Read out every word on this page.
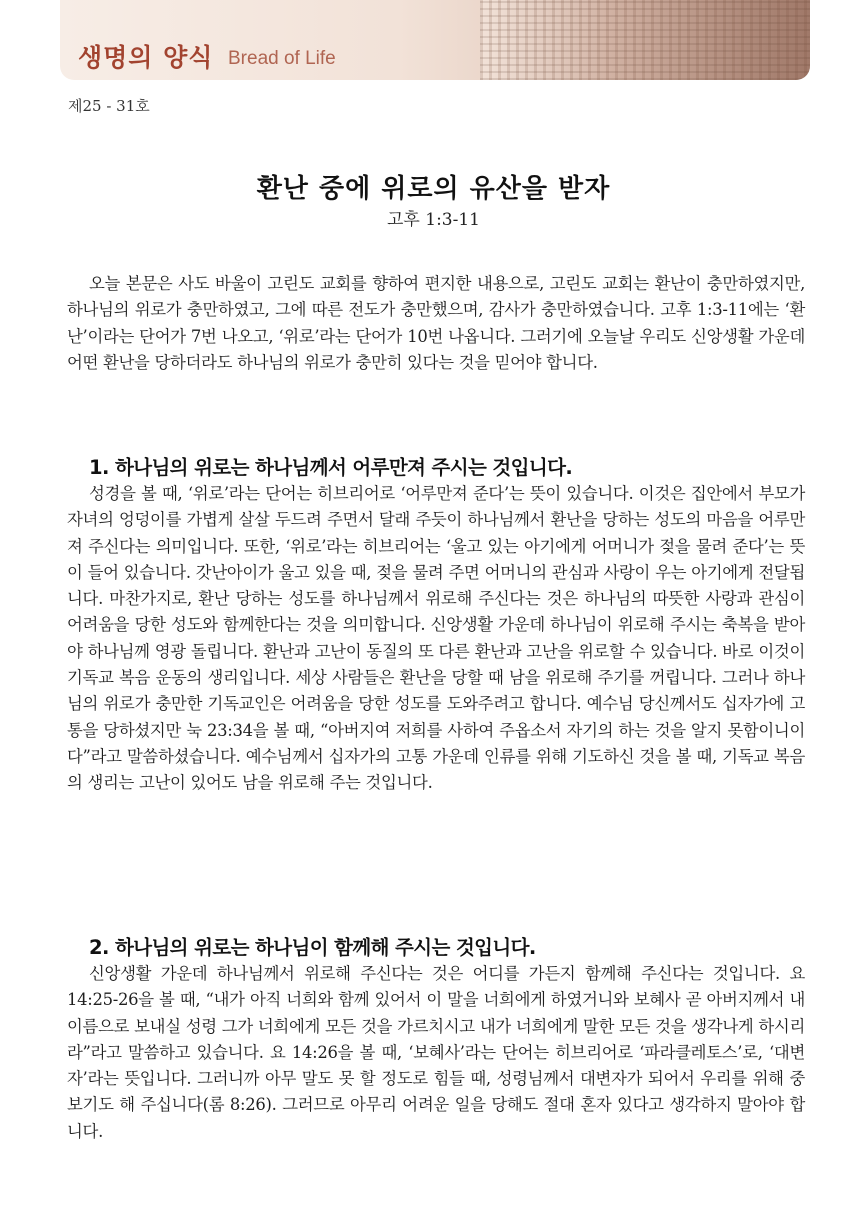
생명의 양식 Bread of Life
제25 - 31호
환난 중에 위로의 유산을 받자
고후 1:3-11

오늘 본문은 사도 바울이 고린도 교회를 향하여 편지한 내용으로, 고린도 교회는 환난이 충만하였지만, 하나님의 위로가 충만하였고, 그에 따른 전도가 충만했으며, 감사가 충만하였습니다. 고후 1:3-11에는 ‘환난’이라는 단어가 7번 나오고, ‘위로’라는 단어가 10번 나옵니다. 그러기에 오늘날 우리도 신앙생활 가운데 어떤 환난을 당하더라도 하나님의 위로가 충만히 있다는 것을 믿어야 합니다.

1. 하나님의 위로는 하나님께서 어루만져 주시는 것입니다.

성경을 볼 때, ‘위로’라는 단어는 히브리어로 ‘어루만져 준다’는 뜻이 있습니다. 이것은 집안에서 부모가 자녀의 엉덩이를 가볍게 살살 두드려 주면서 달래 주듯이 하나님께서 환난을 당하는 성도의 마음을 어루만져 주신다는 의미입니다. 또한, ‘위로’라는 히브리어는 ‘울고 있는 아기에게 어머니가 젖을 물려 준다’는 뜻이 들어 있습니다. 갓난아이가 울고 있을 때, 젖을 물려 주면 어머니의 관심과 사랑이 우는 아기에게 전달됩니다. 마찬가지로, 환난 당하는 성도를 하나님께서 위로해 주신다는 것은 하나님의 따뜻한 사랑과 관심이 어려움을 당한 성도와 함께한다는 것을 의미합니다. 신앙생활 가운데 하나님이 위로해 주시는 축복을 받아야 하나님께 영광 돌립니다. 환난과 고난이 동질의 또 다른 환난과 고난을 위로할 수 있습니다. 바로 이것이 기독교 복음 운동의 생리입니다. 세상 사람들은 환난을 당할 때 남을 위로해 주기를 꺼립니다. 그러나 하나님의 위로가 충만한 기독교인은 어려움을 당한 성도를 도와주려고 합니다. 예수님 당신께서도 십자가에 고통을 당하셨지만 눅 23:34을 볼 때, “아버지여 저희를 사하여 주옵소서 자기의 하는 것을 알지 못함이니이다”라고 말씀하셨습니다. 예수님께서 십자가의 고통 가운데 인류를 위해 기도하신 것을 볼 때, 기독교 복음의 생리는 고난이 있어도 남을 위로해 주는 것입니다.

2. 하나님의 위로는 하나님이 함께해 주시는 것입니다.

신앙생활 가운데 하나님께서 위로해 주신다는 것은 어디를 가든지 함께해 주신다는 것입니다. 요 14:25-26을 볼 때, “내가 아직 너희와 함께 있어서 이 말을 너희에게 하였거니와 보혜사 곧 아버지께서 내 이름으로 보내실 성령 그가 너희에게 모든 것을 가르치시고 내가 너희에게 말한 모든 것을 생각나게 하시리라”라고 말씀하고 있습니다. 요 14:26을 볼 때, ‘보혜사’라는 단어는 히브리어로 ‘파라클레토스’로, ‘대변자’라는 뜻입니다. 그러니까 아무 말도 못 할 정도로 힘들 때, 성령님께서 대변자가 되어서 우리를 위해 중보기도 해 주십니다(롬 8:26). 그러므로 아무리 어려운 일을 당해도 절대 혼자 있다고 생각하지 말아야 합니다.
